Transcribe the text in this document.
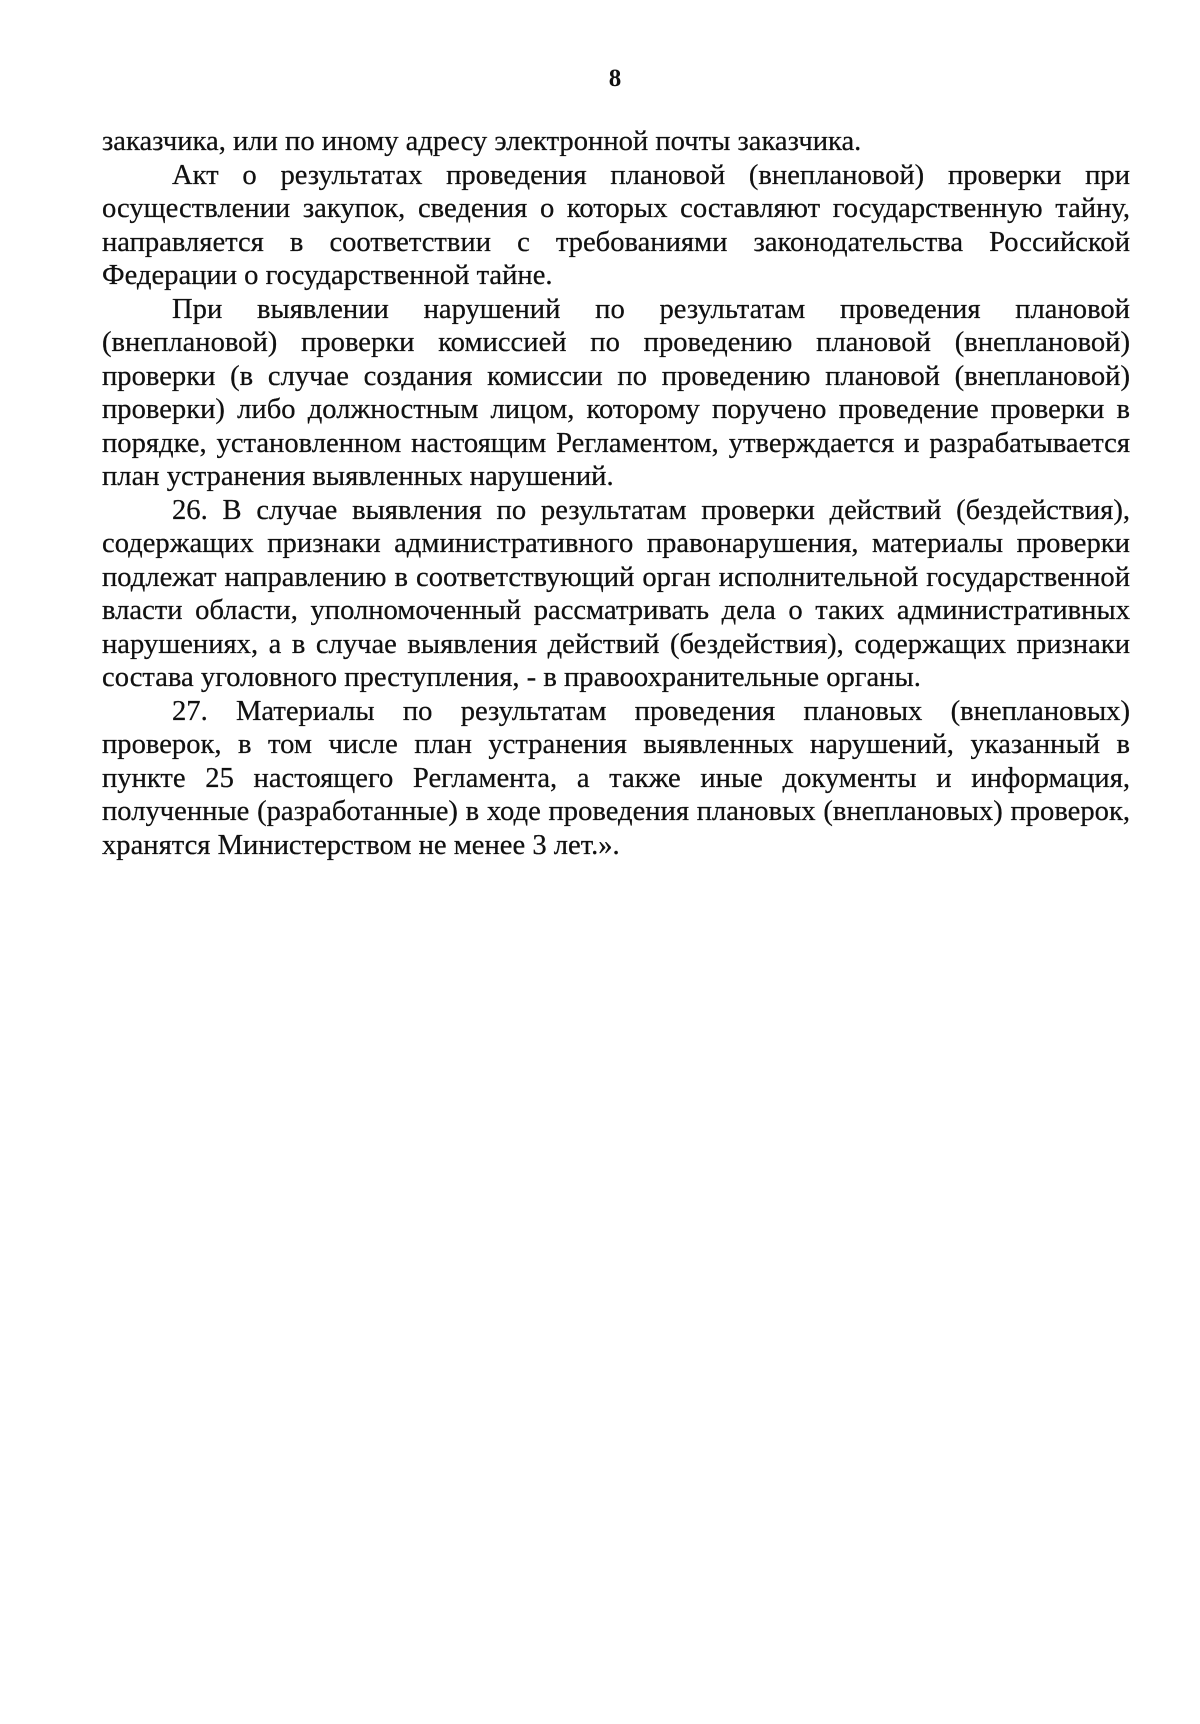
8

заказчика, или по иному адресу электронной почты заказчика.

Акт о результатах проведения плановой (внеплановой) проверки при осуществлении закупок, сведения о которых составляют государственную тайну, направляется в соответствии с требованиями законодательства Российской Федерации о государственной тайне.

При выявлении нарушений по результатам проведения плановой (внеплановой) проверки комиссией по проведению плановой (внеплановой) проверки (в случае создания комиссии по проведению плановой (внеплановой) проверки) либо должностным лицом, которому поручено проведение проверки в порядке, установленном настоящим Регламентом, утверждается и разрабатывается план устранения выявленных нарушений.

26. В случае выявления по результатам проверки действий (бездействия), содержащих признаки административного правонарушения, материалы проверки подлежат направлению в соответствующий орган исполнительной государственной власти области, уполномоченный рассматривать дела о таких административных нарушениях, а в случае выявления действий (бездействия), содержащих признаки состава уголовного преступления, - в правоохранительные органы.

27. Материалы по результатам проведения плановых (внеплановых) проверок, в том числе план устранения выявленных нарушений, указанный в пункте 25 настоящего Регламента, а также иные документы и информация, полученные (разработанные) в ходе проведения плановых (внеплановых) проверок, хранятся Министерством не менее 3 лет.».
